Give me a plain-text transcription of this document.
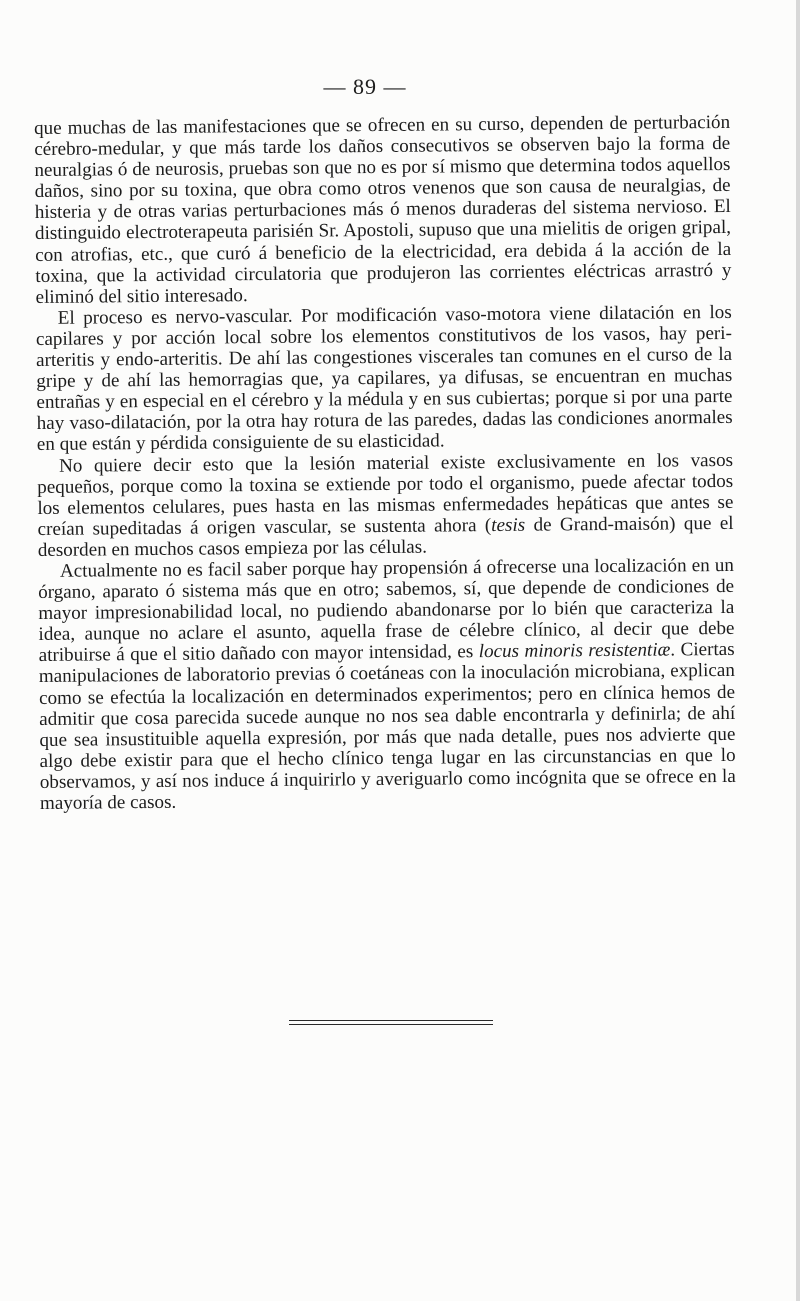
— 89 —

que muchas de las manifestaciones que se ofrecen en su curso, dependen de perturbación cérebro-medular, y que más tarde los daños consecutivos se observen bajo la forma de neuralgias ó de neurosis, pruebas son que no es por sí mismo que determina todos aquellos daños, sino por su toxina, que obra como otros venenos que son causa de neuralgias, de histeria y de otras varias perturbaciones más ó menos duraderas del sistema nervioso. El distinguido electroterapeuta parisién Sr. Apostoli, supuso que una mielitis de origen gripal, con atrofias, etc., que curó á beneficio de la electricidad, era debida á la acción de la toxina, que la actividad circulatoria que produjeron las corrientes eléctricas arrastró y eliminó del sitio interesado.

El proceso es nervo-vascular. Por modificación vaso-motora viene dilatación en los capilares y por acción local sobre los elementos constitutivos de los vasos, hay peri-arteritis y endo-arteritis. De ahí las congestiones viscerales tan comunes en el curso de la gripe y de ahí las hemorragias que, ya capilares, ya difusas, se encuentran en muchas entrañas y en especial en el cérebro y la médula y en sus cubiertas; porque si por una parte hay vaso-dilatación, por la otra hay rotura de las paredes, dadas las condiciones anormales en que están y pérdida consiguiente de su elasticidad.

No quiere decir esto que la lesión material existe exclusivamente en los vasos pequeños, porque como la toxina se extiende por todo el organismo, puede afectar todos los elementos celulares, pues hasta en las mismas enfermedades hepáticas que antes se creían supeditadas á origen vascular, se sustenta ahora (tesis de Grand-maisón) que el desorden en muchos casos empieza por las células.

Actualmente no es facil saber porque hay propensión á ofrecerse una localización en un órgano, aparato ó sistema más que en otro; sabemos, sí, que depende de condiciones de mayor impresionabilidad local, no pudiendo abandonarse por lo bién que caracteriza la idea, aunque no aclare el asunto, aquella frase de célebre clínico, al decir que debe atribuirse á que el sitio dañado con mayor intensidad, es locus minoris resistentiæ. Ciertas manipulaciones de laboratorio previas ó coetáneas con la inoculación microbiana, explican como se efectúa la localización en determinados experimentos; pero en clínica hemos de admitir que cosa parecida sucede aunque no nos sea dable encontrarla y definirla; de ahí que sea insustituible aquella expresión, por más que nada detalle, pues nos advierte que algo debe existir para que el hecho clínico tenga lugar en las circunstancias en que lo observamos, y así nos induce á inquirirlo y averiguarlo como incógnita que se ofrece en la mayoría de casos.
